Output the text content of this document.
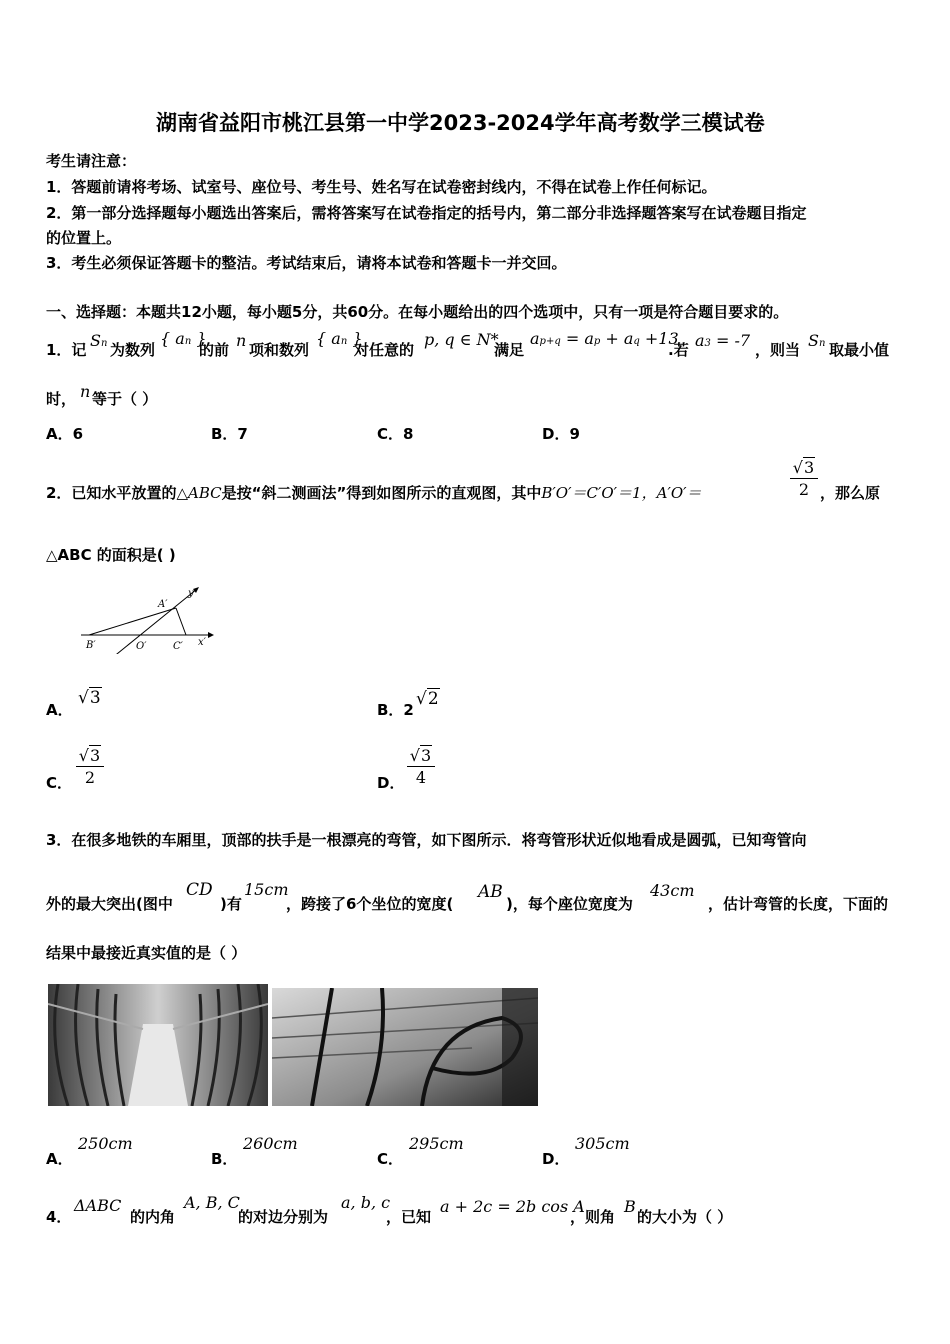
湖南省益阳市桃江县第一中学2023-2024学年高考数学三模试卷
考生请注意：
1．答题前请将考场、试室号、座位号、考生号、姓名写在试卷密封线内，不得在试卷上作任何标记。
2．第一部分选择题每小题选出答案后，需将答案写在试卷指定的括号内，第二部分非选择题答案写在试卷题目指定
的位置上。
3．考生必须保证答题卡的整洁。考试结束后，请将本试卷和答题卡一并交回。
一、选择题：本题共12小题，每小题5分，共60分。在每小题给出的四个选项中，只有一项是符合题目要求的。
1．记 Sn 为数列
{ an }
的前 n 项和数列
{ an }
对任意的
p, q ∈ N*
满足
ap+q = ap + aq +13
.若 a3 = -7 ，则当 Sn 取最小值
时， n 等于（ ）
A．6	B．7	C．8	D．9
2．已知水平放置的△ABC是按“斜二测画法”得到如图所示的直观图，其中B′O′＝C′O′＝1，A′O′＝	$\frac{√3}{2}$ ，那么原
△ABC 的面积是( )
A′
y′
B′	O′	C′ x′
A．
√3
B．2
√2
C． $\frac{√3}{2}$	D． $\frac{√3}{4}$
3．在很多地铁的车厢里，顶部的扶手是一根漂亮的弯管，如下图所示．将弯管形状近似地看成是圆弧，已知弯管向
外的最大突出(图中
CD
)有
15cm
，跨接了6个坐位的宽度(
AB
)，每个座位宽度为
43cm
，估计弯管的长度，下面的
结果中最接近真实值的是（ ）
A．
250cm
B．
260cm
C．
295cm
D．
305cm
4．
ΔABC
的内角
A, B, C
的对边分别为
a, b, c
，已知
a + 2c = 2b cos A
，则角
B
的大小为（ ）
